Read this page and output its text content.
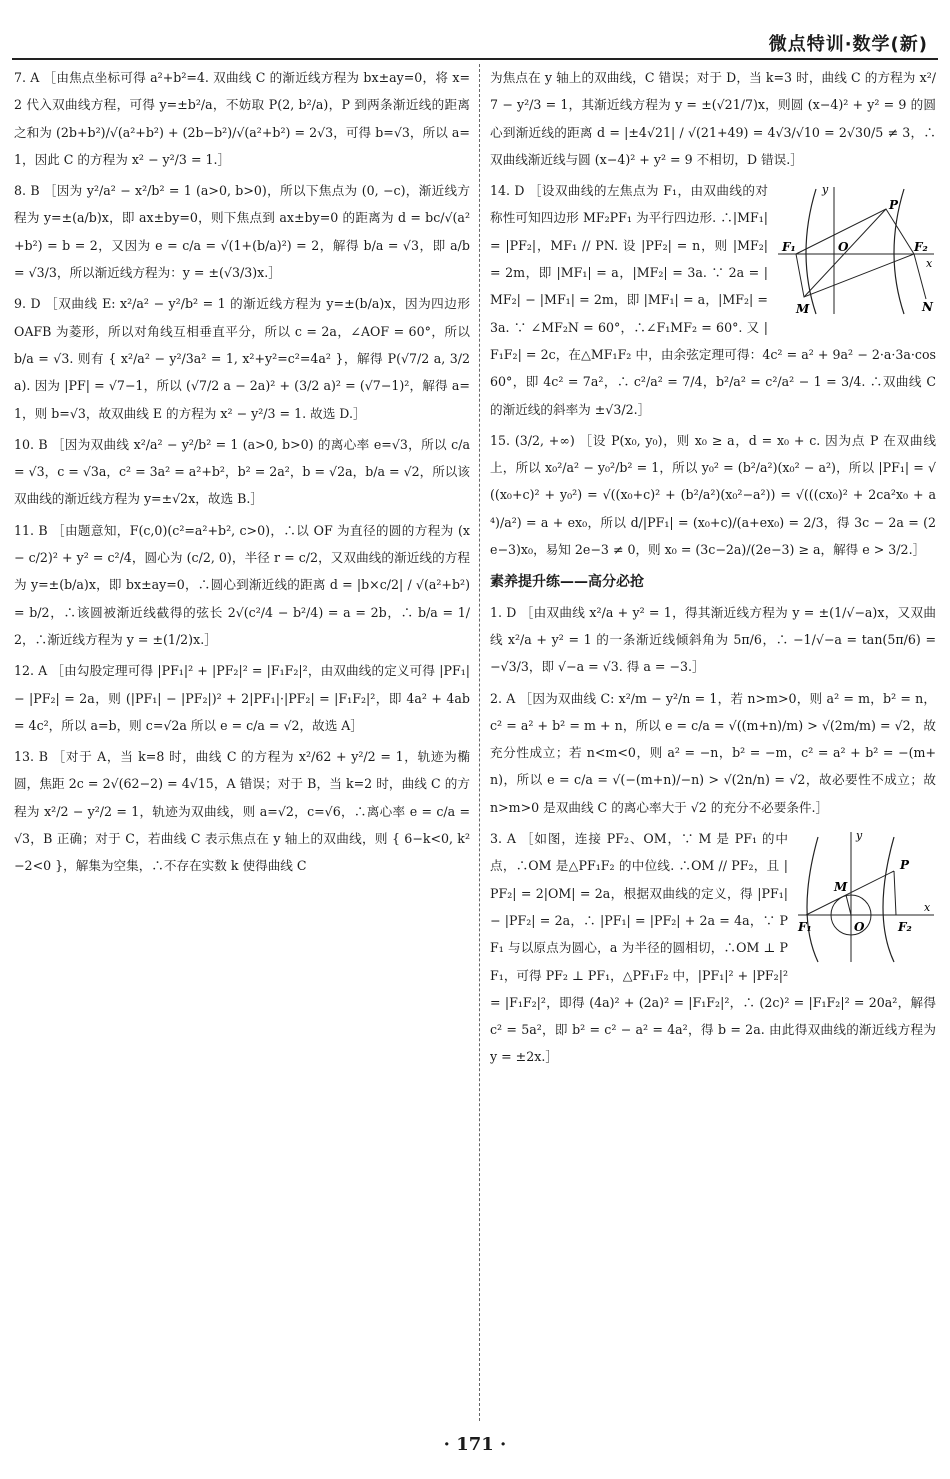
微点特训·数学(新)

7. A ［由焦点坐标可得 a²+b²=4. 双曲线 C 的渐近线方程为 bx±ay=0，将 x=2 代入双曲线方程，可得 y=±b²/a，不妨取 P(2, b²/a)，P 到两条渐近线的距离之和为 (2b+b²)/√(a²+b²) + (2b−b²)/√(a²+b²) = 2√3，可得 b=√3，所以 a=1，因此 C 的方程为 x² − y²/3 = 1.］

8. B ［因为 y²/a² − x²/b² = 1 (a>0, b>0)，所以下焦点为 (0, −c)，渐近线方程为 y=±(a/b)x，即 ax±by=0，则下焦点到 ax±by=0 的距离为 d = bc/√(a²+b²) = b = 2，又因为 e = c/a = √(1+(b/a)²) = 2，解得 b/a = √3，即 a/b = √3/3，所以渐近线方程为：y = ±(√3/3)x.］

9. D ［双曲线 E: x²/a² − y²/b² = 1 的渐近线方程为 y=±(b/a)x，因为四边形 OAFB 为菱形，所以对角线互相垂直平分，所以 c = 2a，∠AOF = 60°，所以 b/a = √3. 则有 { x²/a² − y²/3a² = 1, x²+y²=c²=4a² }，解得 P(√7/2 a, 3/2 a). 因为 |PF| = √7−1，所以 (√7/2 a − 2a)² + (3/2 a)² = (√7−1)²，解得 a=1，则 b=√3，故双曲线 E 的方程为 x² − y²/3 = 1. 故选 D.］

10. B ［因为双曲线 x²/a² − y²/b² = 1 (a>0, b>0) 的离心率 e=√3，所以 c/a = √3，c = √3a，c² = 3a² = a²+b²，b² = 2a²，b = √2a，b/a = √2，所以该双曲线的渐近线方程为 y=±√2x，故选 B.］

11. B ［由题意知，F(c,0)(c²=a²+b², c>0)，∴以 OF 为直径的圆的方程为 (x − c/2)² + y² = c²/4，圆心为 (c/2, 0)，半径 r = c/2，又双曲线的渐近线的方程为 y=±(b/a)x，即 bx±ay=0，∴圆心到渐近线的距离 d = |b×c/2| / √(a²+b²) = b/2，∴该圆被渐近线截得的弦长 2√(c²/4 − b²/4) = a = 2b，∴ b/a = 1/2，∴渐近线方程为 y = ±(1/2)x.］

12. A ［由勾股定理可得 |PF₁|² + |PF₂|² = |F₁F₂|²，由双曲线的定义可得 |PF₁| − |PF₂| = 2a，则 (|PF₁| − |PF₂|)² + 2|PF₁|·|PF₂| = |F₁F₂|²，即 4a² + 4ab = 4c²，所以 a=b，则 c=√2a 所以 e = c/a = √2，故选 A］

13. B ［对于 A，当 k=8 时，曲线 C 的方程为 x²/62 + y²/2 = 1，轨迹为椭圆，焦距 2c = 2√(62−2) = 4√15，A 错误；对于 B，当 k=2 时，曲线 C 的方程为 x²/2 − y²/2 = 1，轨迹为双曲线，则 a=√2，c=√6，∴离心率 e = c/a = √3，B 正确；对于 C，若曲线 C 表示焦点在 y 轴上的双曲线，则 { 6−k<0, k²−2<0 }，解集为空集，∴不存在实数 k 使得曲线 C

为焦点在 y 轴上的双曲线，C 错误；对于 D，当 k=3 时，曲线 C 的方程为 x²/7 − y²/3 = 1，其渐近线方程为 y = ±(√21/7)x，则圆 (x−4)² + y² = 9 的圆心到渐近线的距离 d = |±4√21| / √(21+49) = 4√3/√10 = 2√30/5 ≠ 3，∴双曲线渐近线与圆 (x−4)² + y² = 9 不相切，D 错误.］

y
P
F₁	O	F₂
x
M	N

14. D ［设双曲线的左焦点为 F₁，由双曲线的对称性可知四边形 MF₂PF₁ 为平行四边形. ∴|MF₁| = |PF₂|，MF₁ // PN. 设 |PF₂| = n，则 |MF₂| = 2m，即 |MF₁| = a，|MF₂| = 3a. ∵ 2a = |MF₂| − |MF₁| = 2m，即 |MF₁| = a，|MF₂| = 3a. ∵ ∠MF₂N = 60°，∴∠F₁MF₂ = 60°. 又 |F₁F₂| = 2c，在△MF₁F₂ 中，由余弦定理可得：4c² = a² + 9a² − 2·a·3a·cos60°，即 4c² = 7a²，∴ c²/a² = 7/4，b²/a² = c²/a² − 1 = 3/4. ∴双曲线 C 的渐近线的斜率为 ±√3/2.］

15. (3/2, +∞) ［设 P(x₀, y₀)，则 x₀ ≥ a，d = x₀ + c. 因为点 P 在双曲线上，所以 x₀²/a² − y₀²/b² = 1，所以 y₀² = (b²/a²)(x₀² − a²)，所以 |PF₁| = √((x₀+c)² + y₀²) = √((x₀+c)² + (b²/a²)(x₀²−a²)) = √(((cx₀)² + 2ca²x₀ + a⁴)/a²) = a + ex₀，所以 d/|PF₁| = (x₀+c)/(a+ex₀) = 2/3，得 3c − 2a = (2e−3)x₀，易知 2e−3 ≠ 0，则 x₀ = (3c−2a)/(2e−3) ≥ a，解得 e > 3/2.］

素养提升练——高分必抢

1. D ［由双曲线 x²/a + y² = 1，得其渐近线方程为 y = ±(1/√−a)x，又双曲线 x²/a + y² = 1 的一条渐近线倾斜角为 5π/6，∴ −1/√−a = tan(5π/6) = −√3/3，即 √−a = √3. 得 a = −3.］

2. A ［因为双曲线 C: x²/m − y²/n = 1，若 n>m>0，则 a² = m，b² = n，c² = a² + b² = m + n，所以 e = c/a = √((m+n)/m) > √(2m/m) = √2，故充分性成立；若 n<m<0，则 a² = −n，b² = −m，c² = a² + b² = −(m+n)，所以 e = c/a = √(−(m+n)/−n) > √(2n/n) = √2，故必要性不成立；故 n>m>0 是双曲线 C 的离心率大于 √2 的充分不必要条件.］

y
P
M
F₁	O	F₂
x

3. A ［如图，连接 PF₂、OM，∵ M 是 PF₁ 的中点，∴OM 是△PF₁F₂ 的中位线. ∴OM // PF₂，且 |PF₂| = 2|OM| = 2a，根据双曲线的定义，得 |PF₁| − |PF₂| = 2a，∴ |PF₁| = |PF₂| + 2a = 4a，∵ PF₁ 与以原点为圆心，a 为半径的圆相切，∴OM ⊥ PF₁，可得 PF₂ ⊥ PF₁，△PF₁F₂ 中，|PF₁|² + |PF₂|² = |F₁F₂|²，即得 (4a)² + (2a)² = |F₁F₂|²，∴ (2c)² = |F₁F₂|² = 20a²，解得 c² = 5a²，即 b² = c² − a² = 4a²，得 b = 2a. 由此得双曲线的渐近线方程为 y = ±2x.］

· 171 ·
